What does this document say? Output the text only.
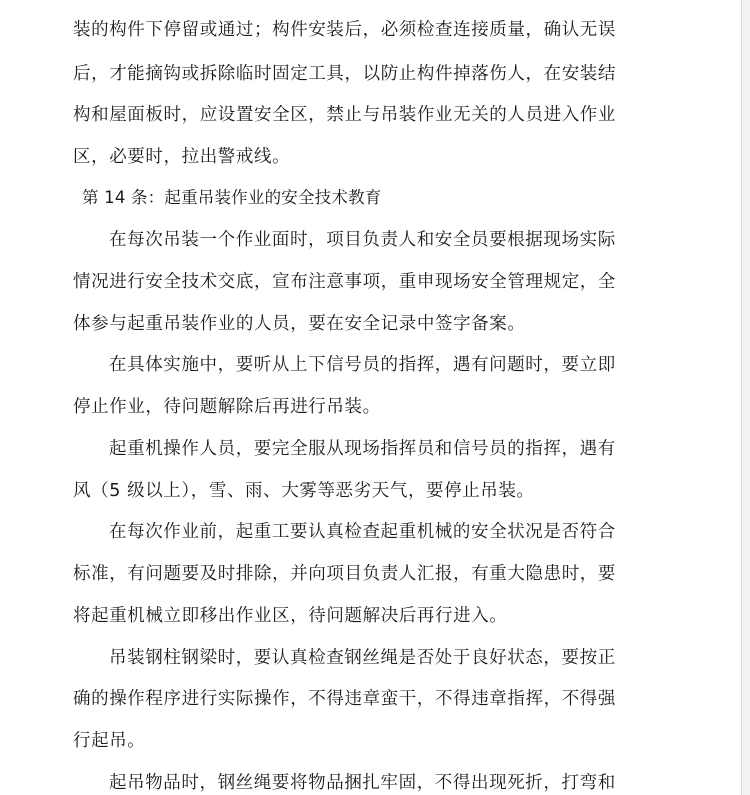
装的构件下停留或通过；构件安装后，必须检查连接质量，确认无误
后，才能摘钩或拆除临时固定工具，以防止构件掉落伤人，在安装结
构和屋面板时，应设置安全区，禁止与吊装作业无关的人员进入作业
区，必要时，拉出警戒线。
第 14 条：起重吊装作业的安全技术教育
在每次吊装一个作业面时，项目负责人和安全员要根据现场实际
情况进行安全技术交底，宣布注意事项，重申现场安全管理规定，全
体参与起重吊装作业的人员，要在安全记录中签字备案。
在具体实施中，要听从上下信号员的指挥，遇有问题时，要立即
停止作业，待问题解除后再进行吊装。
起重机操作人员，要完全服从现场指挥员和信号员的指挥，遇有
风（5 级以上），雪、雨、大雾等恶劣天气，要停止吊装。
在每次作业前，起重工要认真检查起重机械的安全状况是否符合
标准，有问题要及时排除，并向项目负责人汇报，有重大隐患时，要
将起重机械立即移出作业区，待问题解决后再行进入。
吊装钢柱钢梁时，要认真检查钢丝绳是否处于良好状态，要按正
确的操作程序进行实际操作，不得违章蛮干，不得违章指挥，不得强
行起吊。
起吊物品时，钢丝绳要将物品捆扎牢固，不得出现死折，打弯和
